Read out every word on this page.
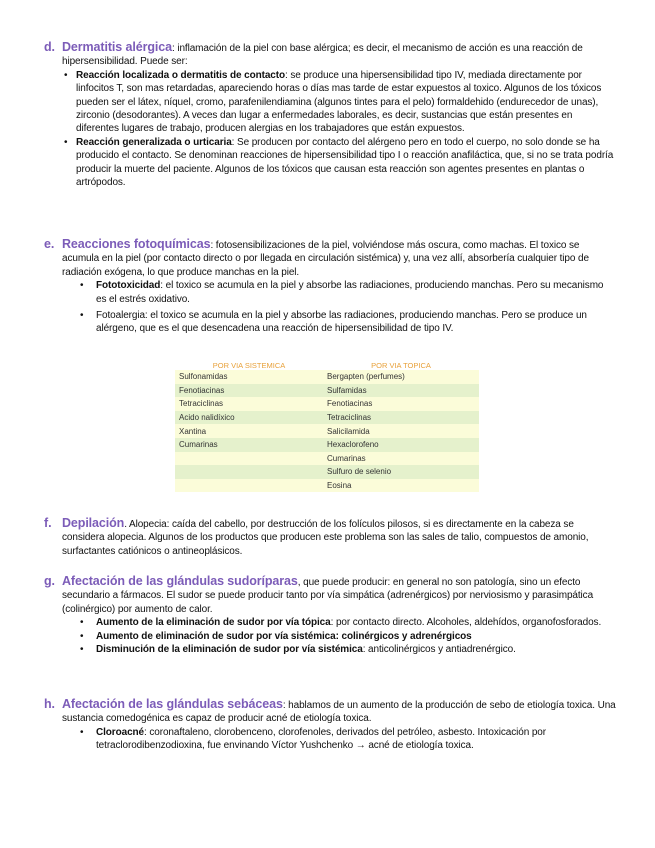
d. Dermatitis alérgica: inflamación de la piel con base alérgica; es decir, el mecanismo de acción es una reacción de hipersensibilidad. Puede ser:

• Reacción localizada o dermatitis de contacto: se produce una hipersensibilidad tipo IV, mediada directamente por linfocitos T, son mas retardadas, apareciendo horas o días mas tarde de estar expuestos al toxico. Algunos de los tóxicos pueden ser el látex, níquel, cromo, parafenilendiamina (algunos tintes para el pelo) formaldehido (endurecedor de unas), zirconio (desodorantes). A veces dan lugar a enfermedades laborales, es decir, sustancias que están presentes en diferentes lugares de trabajo, producen alergias en los trabajadores que están expuestos.
• Reacción generalizada o urticaria: Se producen por contacto del alérgeno pero en todo el cuerpo, no solo donde se ha producido el contacto. Se denominan reacciones de hipersensibilidad tipo I o reacción anafiláctica, que, si no se trata podría producir la muerte del paciente. Algunos de los tóxicos que causan esta reacción son agentes presentes en plantas o artrópodos.

e. Reacciones fotoquímicas: fotosensibilizaciones de la piel, volviéndose más oscura, como machas. El toxico se acumula en la piel (por contacto directo o por llegada en circulación sistémica) y, una vez allí, absorbería cualquier tipo de radiación exógena, lo que produce manchas en la piel.

• Fototoxicidad: el toxico se acumula en la piel y absorbe las radiaciones, produciendo manchas. Pero su mecanismo es el estrés oxidativo.
• Fotoalergia: el toxico se acumula en la piel y absorbe las radiaciones, produciendo manchas. Pero se produce un alérgeno, que es el que desencadena una reacción de hipersensibilidad de tipo IV.
POR VIA SISTEMICA	POR VIA TOPICA
Sulfonamidas	Bergapten (perfumes)
Fenotiacinas	Sulfamidas
Tetraciclinas	Fenotiacinas
Acido nalidíxico	Tetraciclinas
Xantina	Salicilamida
Cumarinas	Hexaclorofeno
	Cumarinas
	Sulfuro de selenio
	Eosina

f. Depilación. Alopecia: caída del cabello, por destrucción de los folículos pilosos, si es directamente en la cabeza se considera alopecia. Algunos de los productos que producen este problema son las sales de talio, compuestos de amonio, surfactantes catiónicos o antineoplásicos.

g. Afectación de las glándulas sudoríparas, que puede producir: en general no son patología, sino un efecto secundario a fármacos. El sudor se puede producir tanto por vía simpática (adrenérgicos) por nerviosismo y parasimpática (colinérgico) por aumento de calor.

• Aumento de la eliminación de sudor por vía tópica: por contacto directo. Alcoholes, aldehídos, organofosforados.
• Aumento de eliminación de sudor por vía sistémica: colinérgicos y adrenérgicos
• Disminución de la eliminación de sudor por vía sistémica: anticolinérgicos y antiadrenérgico.

h. Afectación de las glándulas sebáceas: hablamos de un aumento de la producción de sebo de etiología toxica. Una sustancia comedogénica es capaz de producir acné de etiología toxica.

• Cloroacné: coronaftaleno, clorobenceno, clorofenoles, derivados del petróleo, asbesto. Intoxicación por tetraclorodibenzodioxina, fue envinando Víctor Yushchenko → acné de etiología toxica.
